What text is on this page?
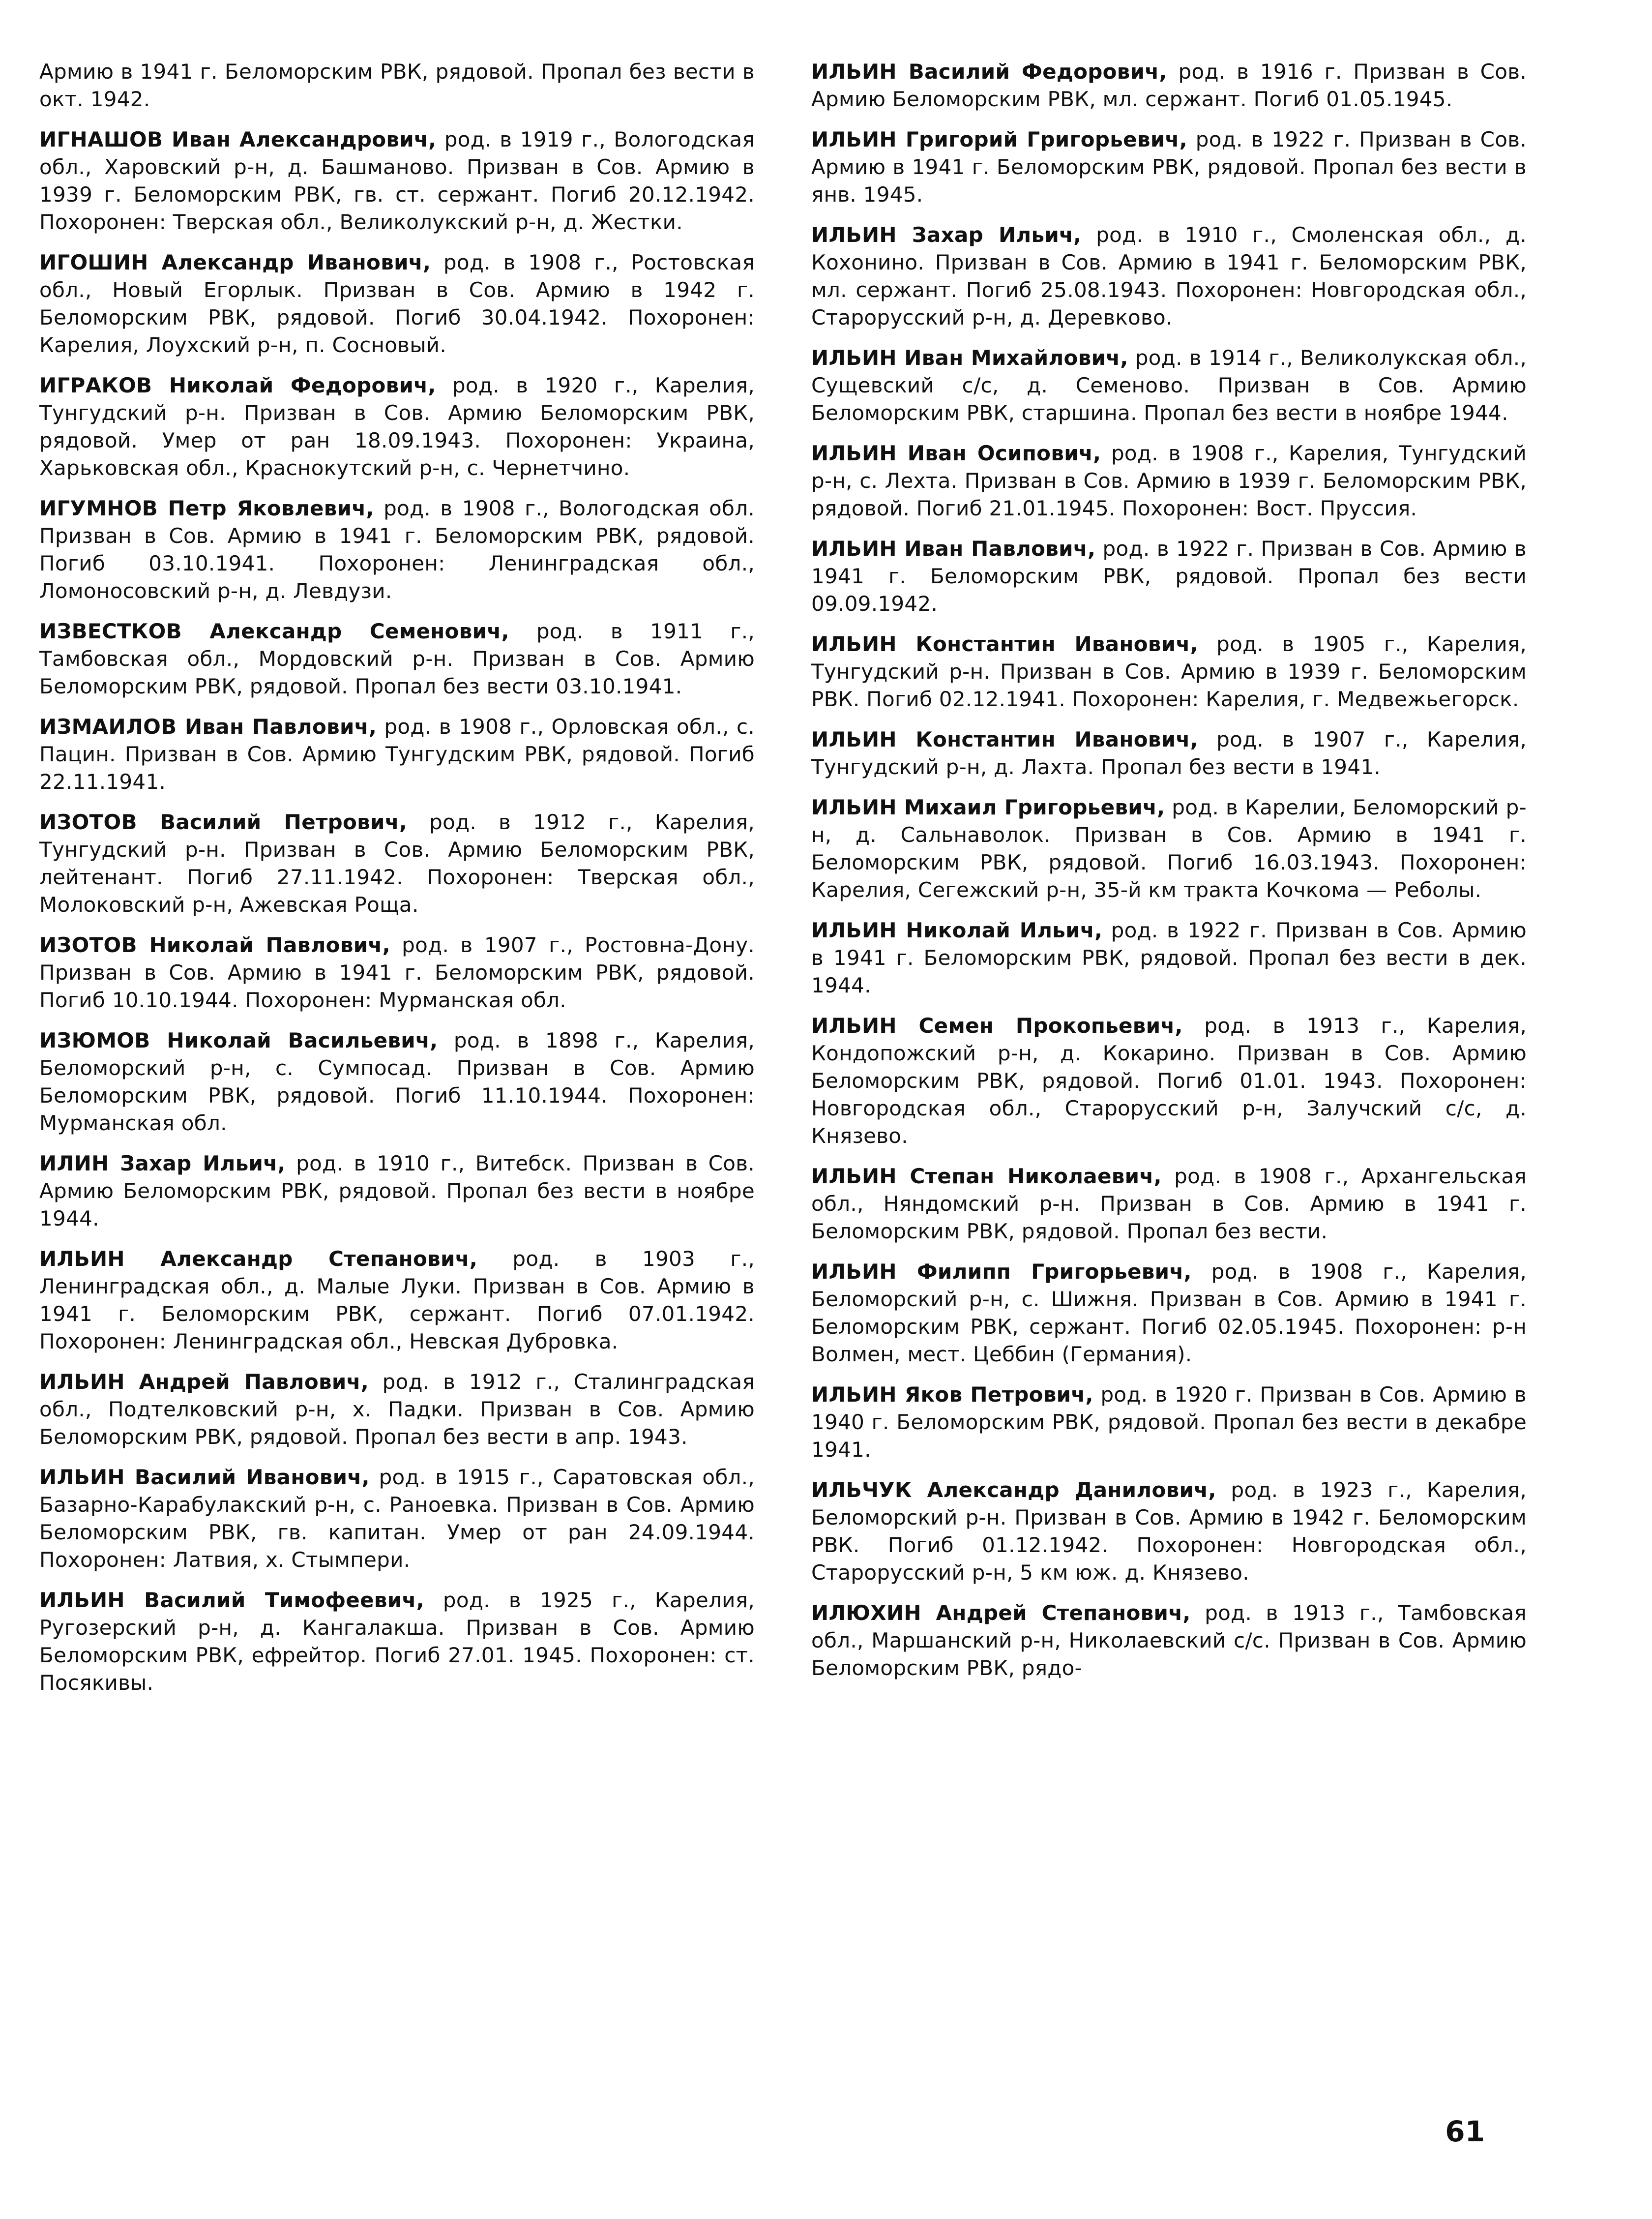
Армию в 1941 г. Беломорским РВК, рядовой. Пропал без вести в окт. 1942.

ИГНАШОВ Иван Александрович, род. в 1919 г., Вологодская обл., Харовский р-н, д. Башманово. Призван в Сов. Армию в 1939 г. Беломорским РВК, гв. ст. сержант. Погиб 20.12.1942. Похоронен: Тверская обл., Великолукский р-н, д. Жестки.

ИГОШИН Александр Иванович, род. в 1908 г., Ростовская обл., Новый Егорлык. Призван в Сов. Армию в 1942 г. Беломорским РВК, рядовой. Погиб 30.04.1942. Похоронен: Карелия, Лоухский р-н, п. Сосновый.

ИГРАКОВ Николай Федорович, род. в 1920 г., Карелия, Тунгудский р-н. Призван в Сов. Армию Беломорским РВК, рядовой. Умер от ран 18.09.1943. Похоронен: Украина, Харьковская обл., Краснокутский р-н, с. Чернетчино.

ИГУМНОВ Петр Яковлевич, род. в 1908 г., Вологодская обл. Призван в Сов. Армию в 1941 г. Беломорским РВК, рядовой. Погиб 03.10.1941. Похоронен: Ленинградская обл., Ломоносовский р-н, д. Левдузи.

ИЗВЕСТКОВ Александр Семенович, род. в 1911 г., Тамбовская обл., Мордовский р-н. Призван в Сов. Армию Беломорским РВК, рядовой. Пропал без вести 03.10.1941.

ИЗМАИЛОВ Иван Павлович, род. в 1908 г., Орловская обл., с. Пацин. Призван в Сов. Армию Тунгудским РВК, рядовой. Погиб 22.11.1941.

ИЗОТОВ Василий Петрович, род. в 1912 г., Карелия, Тунгудский р-н. Призван в Сов. Армию Беломорским РВК, лейтенант. Погиб 27.11.1942. Похоронен: Тверская обл., Молоковский р-н, Ажевская Роща.

ИЗОТОВ Николай Павлович, род. в 1907 г., Ростовна-Дону. Призван в Сов. Армию в 1941 г. Беломорским РВК, рядовой. Погиб 10.10.1944. Похоронен: Мурманская обл.

ИЗЮМОВ Николай Васильевич, род. в 1898 г., Карелия, Беломорский р-н, с. Сумпосад. Призван в Сов. Армию Беломорским РВК, рядовой. Погиб 11.10.1944. Похоронен: Мурманская обл.

ИЛИН Захар Ильич, род. в 1910 г., Витебск. Призван в Сов. Армию Беломорским РВК, рядовой. Пропал без вести в ноябре 1944.

ИЛЬИН Александр Степанович, род. в 1903 г., Ленинградская обл., д. Малые Луки. Призван в Сов. Армию в 1941 г. Беломорским РВК, сержант. Погиб 07.01.1942. Похоронен: Ленинградская обл., Невская Дубровка.

ИЛЬИН Андрей Павлович, род. в 1912 г., Сталинградская обл., Подтелковский р-н, х. Падки. Призван в Сов. Армию Беломорским РВК, рядовой. Пропал без вести в апр. 1943.

ИЛЬИН Василий Иванович, род. в 1915 г., Саратовская обл., Базарно-Карабулакский р-н, с. Раноевка. Призван в Сов. Армию Беломорским РВК, гв. капитан. Умер от ран 24.09.1944. Похоронен: Латвия, х. Стымпери.

ИЛЬИН Василий Тимофеевич, род. в 1925 г., Карелия, Ругозерский р-н, д. Кангалакша. Призван в Сов. Армию Беломорским РВК, ефрейтор. Погиб 27.01. 1945. Похоронен: ст. Посякивы.

ИЛЬИН Василий Федорович, род. в 1916 г. Призван в Сов. Армию Беломорским РВК, мл. сержант. Погиб 01.05.1945.

ИЛЬИН Григорий Григорьевич, род. в 1922 г. Призван в Сов. Армию в 1941 г. Беломорским РВК, рядовой. Пропал без вести в янв. 1945.

ИЛЬИН Захар Ильич, род. в 1910 г., Смоленская обл., д. Кохонино. Призван в Сов. Армию в 1941 г. Беломорским РВК, мл. сержант. Погиб 25.08.1943. Похоронен: Новгородская обл., Старорусский р-н, д. Деревково.

ИЛЬИН Иван Михайлович, род. в 1914 г., Великолукская обл., Сущевский с/с, д. Семеново. Призван в Сов. Армию Беломорским РВК, старшина. Пропал без вести в ноябре 1944.

ИЛЬИН Иван Осипович, род. в 1908 г., Карелия, Тунгудский р-н, с. Лехта. Призван в Сов. Армию в 1939 г. Беломорским РВК, рядовой. Погиб 21.01.1945. Похоронен: Вост. Пруссия.

ИЛЬИН Иван Павлович, род. в 1922 г. Призван в Сов. Армию в 1941 г. Беломорским РВК, рядовой. Пропал без вести 09.09.1942.

ИЛЬИН Константин Иванович, род. в 1905 г., Карелия, Тунгудский р-н. Призван в Сов. Армию в 1939 г. Беломорским РВК. Погиб 02.12.1941. Похоронен: Карелия, г. Медвежьегорск.

ИЛЬИН Константин Иванович, род. в 1907 г., Карелия, Тунгудский р-н, д. Лахта. Пропал без вести в 1941.

ИЛЬИН Михаил Григорьевич, род. в Карелии, Беломорский р-н, д. Сальнаволок. Призван в Сов. Армию в 1941 г. Беломорским РВК, рядовой. Погиб 16.03.1943. Похоронен: Карелия, Сегежский р-н, 35-й км тракта Кочкома — Реболы.

ИЛЬИН Николай Ильич, род. в 1922 г. Призван в Сов. Армию в 1941 г. Беломорским РВК, рядовой. Пропал без вести в дек. 1944.

ИЛЬИН Семен Прокопьевич, род. в 1913 г., Карелия, Кондопожский р-н, д. Кокарино. Призван в Сов. Армию Беломорским РВК, рядовой. Погиб 01.01. 1943. Похоронен: Новгородская обл., Старорусский р-н, Залучский с/с, д. Князево.

ИЛЬИН Степан Николаевич, род. в 1908 г., Архангельская обл., Няндомский р-н. Призван в Сов. Армию в 1941 г. Беломорским РВК, рядовой. Пропал без вести.

ИЛЬИН Филипп Григорьевич, род. в 1908 г., Карелия, Беломорский р-н, с. Шижня. Призван в Сов. Армию в 1941 г. Беломорским РВК, сержант. Погиб 02.05.1945. Похоронен: р-н Волмен, мест. Цеббин (Германия).

ИЛЬИН Яков Петрович, род. в 1920 г. Призван в Сов. Армию в 1940 г. Беломорским РВК, рядовой. Пропал без вести в декабре 1941.

ИЛЬЧУК Александр Данилович, род. в 1923 г., Карелия, Беломорский р-н. Призван в Сов. Армию в 1942 г. Беломорским РВК. Погиб 01.12.1942. Похоронен: Новгородская обл., Старорусский р-н, 5 км юж. д. Князево.

ИЛЮХИН Андрей Степанович, род. в 1913 г., Тамбовская обл., Маршанский р-н, Николаевский с/с. Призван в Сов. Армию Беломорским РВК, рядо-

61
